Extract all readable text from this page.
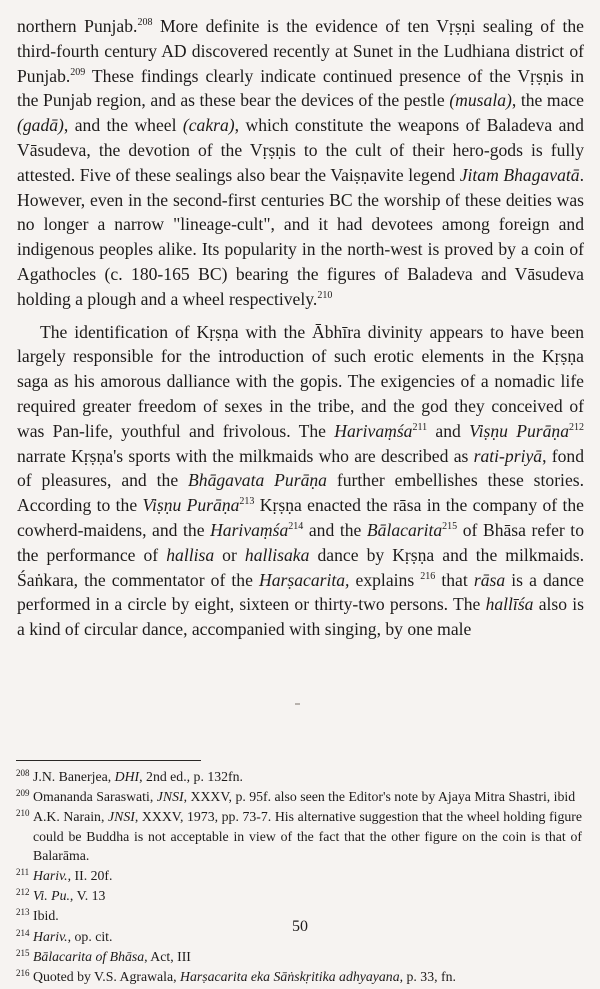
northern Punjab.$^{208}$ More definite is the evidence of ten Vṛṣṇi sealing of the third-fourth century AD discovered recently at Sunet in the Ludhiana district of Punjab.$^{209}$ These findings clearly indicate continued presence of the Vṛṣṇis in the Punjab region, and as these bear the devices of the pestle (musala), the mace (gadā), and the wheel (cakra), which constitute the weapons of Baladeva and Vāsudeva, the devotion of the Vṛṣṇis to the cult of their hero-gods is fully attested. Five of these sealings also bear the Vaiṣṇavite legend Jitam Bhagavatā. However, even in the second-first centuries BC the worship of these deities was no longer a narrow "lineage-cult", and it had devotees among foreign and indigenous peoples alike. Its popularity in the north-west is proved by a coin of Agathocles (c. 180-165 BC) bearing the figures of Baladeva and Vāsudeva holding a plough and a wheel respectively.$^{210}$

The identification of Kṛṣṇa with the Ābhīra divinity appears to have been largely responsible for the introduction of such erotic elements in the Kṛṣṇa saga as his amorous dalliance with the gopis. The exigencies of a nomadic life required greater freedom of sexes in the tribe, and the god they conceived of was Pan-life, youthful and frivolous. The Harivaṃśa$^{211}$ and Viṣṇu Purāṇa$^{212}$ narrate Kṛṣṇa's sports with the milkmaids who are described as rati-priyā, fond of pleasures, and the Bhāgavata Purāṇa further embellishes these stories. According to the Viṣṇu Purāṇa$^{213}$ Kṛṣṇa enacted the rāsa in the company of the cowherd-maidens, and the Harivaṃśa$^{214}$ and the Bālacarita$^{215}$ of Bhāsa refer to the performance of hallisa or hallisaka dance by Kṛṣṇa and the milkmaids. Śaṅkara, the commentator of the Harṣacarita, explains $^{216}$ that rāsa is a dance performed in a circle by eight, sixteen or thirty-two persons. The hallīśa also is a kind of circular dance, accompanied with singing, by one male

208 J.N. Banerjea, DHI, 2nd ed., p. 132fn.
209 Omananda Saraswati, JNSI, XXXV, p. 95f. also seen the Editor's note by Ajaya Mitra Shastri, ibid
210 A.K. Narain, JNSI, XXXV, 1973, pp. 73-7. His alternative suggestion that the wheel holding figure could be Buddha is not acceptable in view of the fact that the other figure on the coin is that of Balarāma.
211 Hariv., II. 20f.
212 Vi. Pu., V. 13
213 Ibid.
214 Hariv., op. cit.
215 Bālacarita of Bhāsa, Act, III
216 Quoted by V.S. Agrawala, Harṣacarita eka Sāṅskṛitika adhyayana, p. 33, fn.
50
